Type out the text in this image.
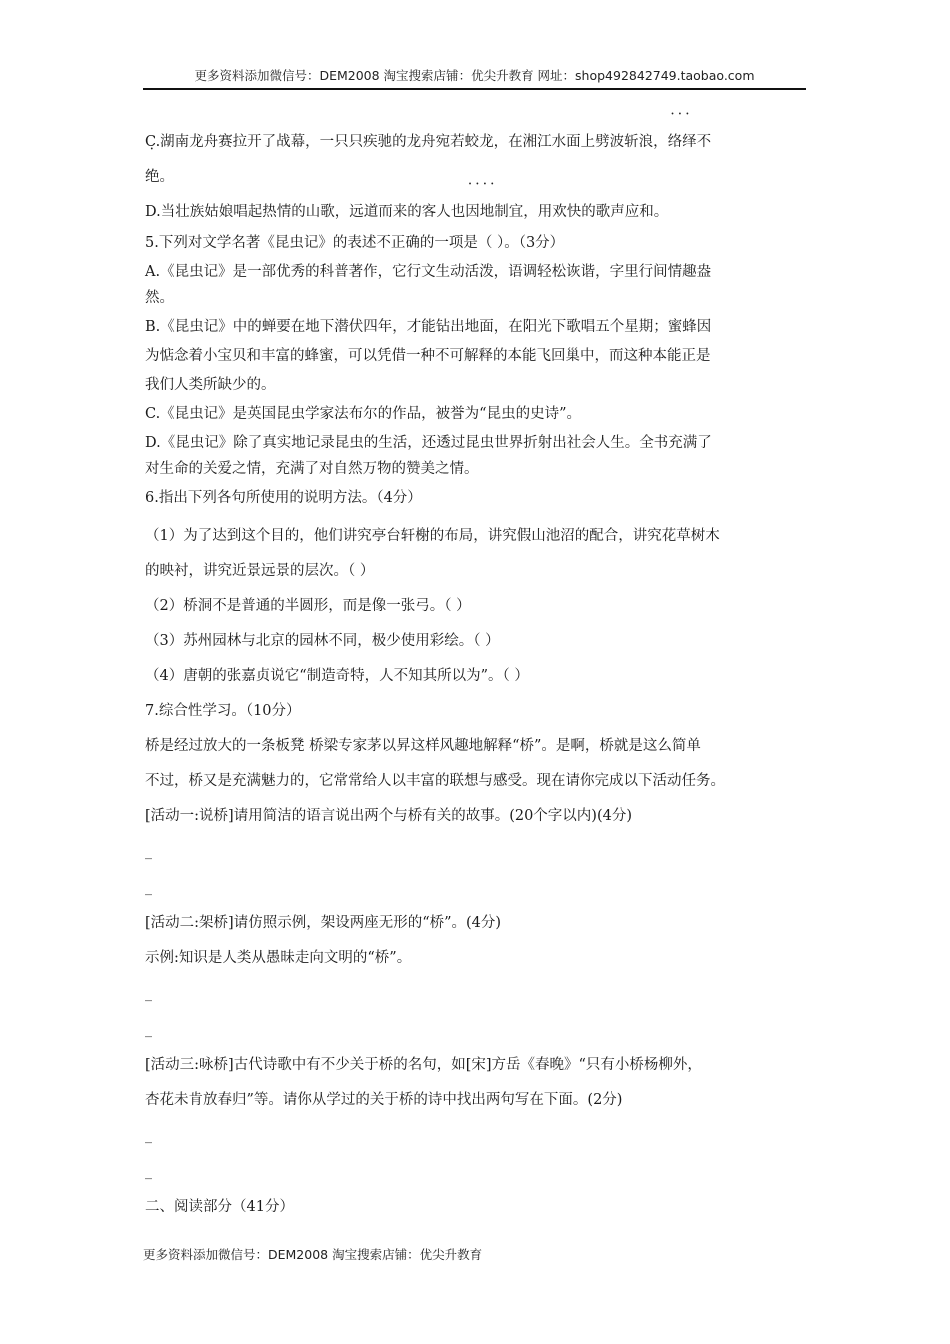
更多资料添加微信号：DEM2008 淘宝搜索店铺：优尖升教育 网址：shop492842749.taobao.com
C.湖南龙舟赛拉开了战幕，一只只疾驰的龙舟宛若蛟龙，在湘江水面上劈波斩浪，• • • 络绎不
绝。
D.当壮族姑娘唱起热情的山歌，远道而来的客人也• • • • 因地制宜，用欢快的歌声应和。
5.下列对文学名著《昆虫记》的表述不正确的一项是（ ）。（3分）
A.《昆虫记》是一部优秀的科普著作，它行文生动活泼，语调轻松诙谐，字里行间情趣盎
然。
B.《昆虫记》中的蝉要在地下潜伏四年，才能钻出地面，在阳光下歌唱五个星期；蜜蜂因
为惦念着小宝贝和丰富的蜂蜜，可以凭借一种不可解释的本能飞回巢中，而这种本能正是
我们人类所缺少的。
C.《昆虫记》是英国昆虫学家法布尔的作品，被誉为“昆虫的史诗”。
D.《昆虫记》除了真实地记录昆虫的生活，还透过昆虫世界折射出社会人生。全书充满了
对生命的关爱之情，充满了对自然万物的赞美之情。
6.指出下列各句所使用的说明方法。（4分）
（1）为了达到这个目的，他们讲究亭台轩榭的布局，讲究假山池沼的配合，讲究花草树木
的映衬，讲究近景远景的层次。（ ）
（2）桥洞不是普通的半圆形，而是像一张弓。（ ）
（3）苏州园林与北京的园林不同，极少使用彩绘。（ ）
（4）唐朝的张嘉贞说它“制造奇特，人不知其所以为”。（ ）
7.综合性学习。（10分）
桥是经过放大的一条板凳 桥梁专家茅以昇这样风趣地解释“桥”。是啊，桥就是这么简单
不过，桥又是充满魅力的，它常常给人以丰富的联想与感受。现在请你完成以下活动任务。
[活动一:说桥]请用简洁的语言说出两个与桥有关的故事。(20个字以内)(4分)
_
_
[活动二:架桥]请仿照示例，架设两座无形的“桥”。(4分)
示例:知识是人类从愚昧走向文明的“桥”。
_
_
[活动三:咏桥]古代诗歌中有不少关于桥的名句，如[宋]方岳《春晚》“只有小桥杨柳外，
杏花未肯放春归”等。请你从学过的关于桥的诗中找出两句写在下面。(2分)
_
_
二、阅读部分（41分）
更多资料添加微信号：DEM2008 淘宝搜索店铺：优尖升教育
